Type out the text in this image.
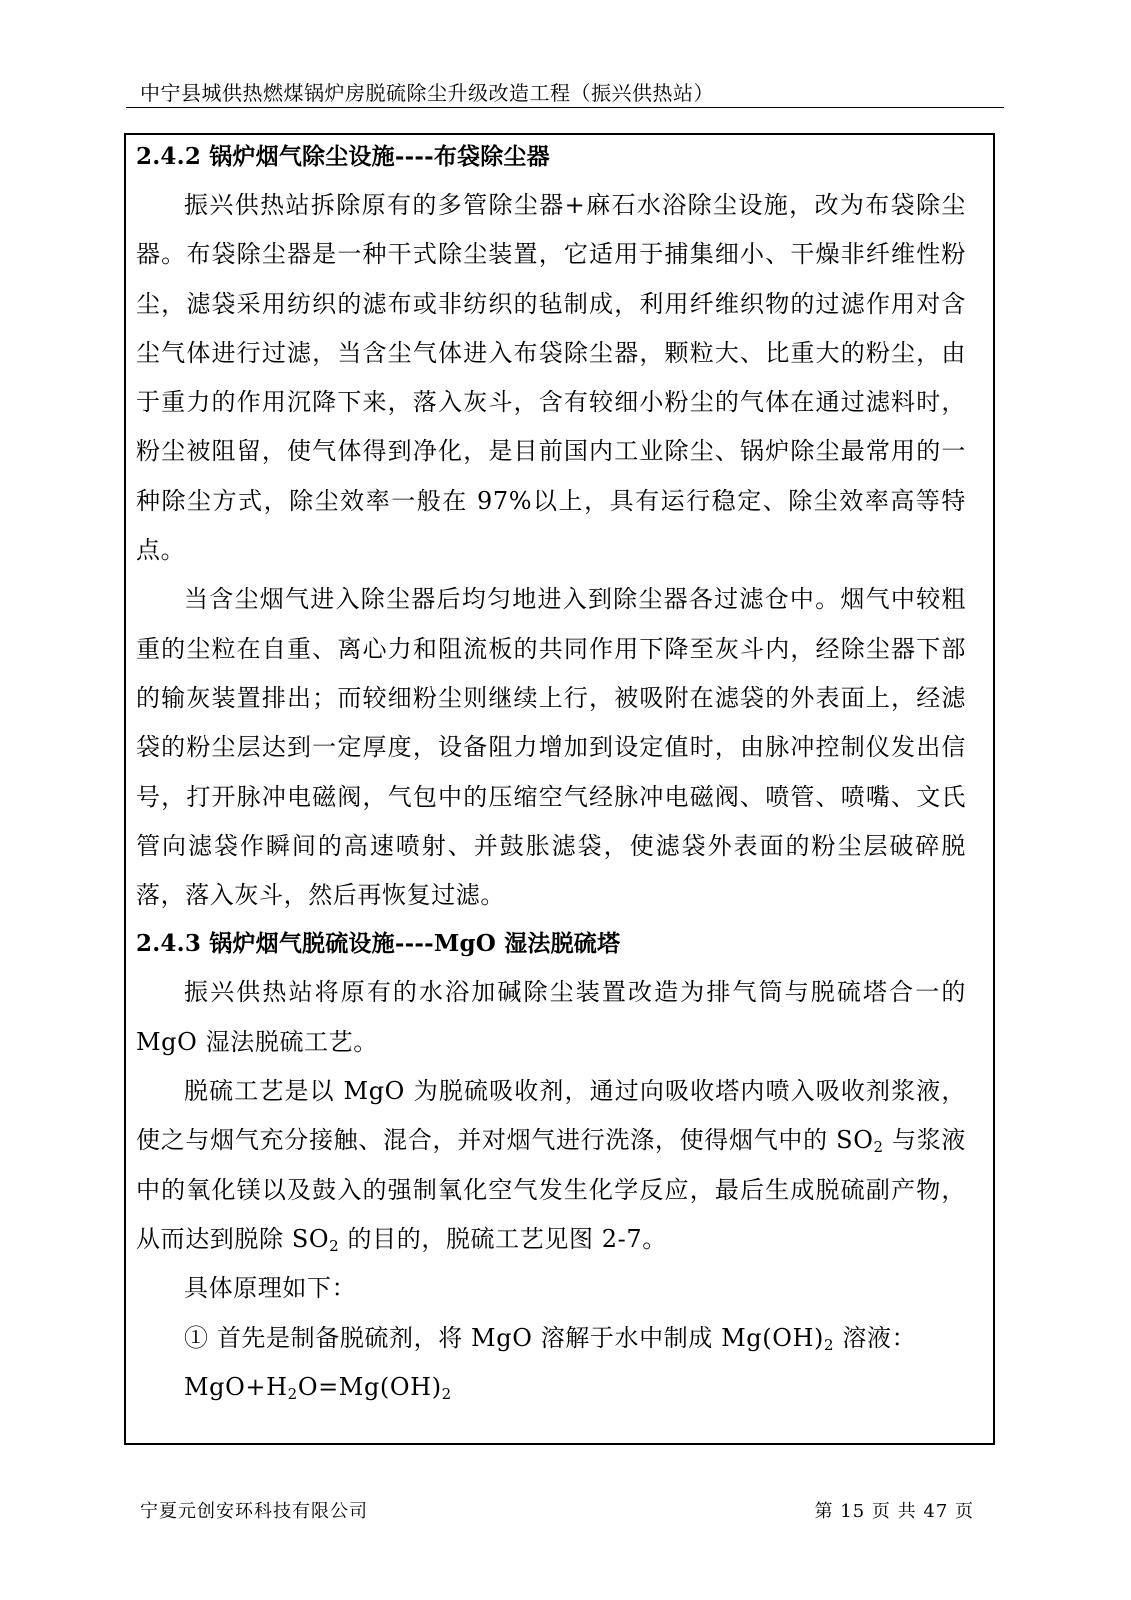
中宁县城供热燃煤锅炉房脱硫除尘升级改造工程（振兴供热站）

2.4.2 锅炉烟气除尘设施----布袋除尘器

振兴供热站拆除原有的多管除尘器+麻石水浴除尘设施，改为布袋除尘器。布袋除尘器是一种干式除尘装置，它适用于捕集细小、干燥非纤维性粉尘，滤袋采用纺织的滤布或非纺织的毡制成，利用纤维织物的过滤作用对含尘气体进行过滤，当含尘气体进入布袋除尘器，颗粒大、比重大的粉尘，由于重力的作用沉降下来，落入灰斗，含有较细小粉尘的气体在通过滤料时，粉尘被阻留，使气体得到净化，是目前国内工业除尘、锅炉除尘最常用的一种除尘方式，除尘效率一般在 97%以上，具有运行稳定、除尘效率高等特点。

当含尘烟气进入除尘器后均匀地进入到除尘器各过滤仓中。烟气中较粗重的尘粒在自重、离心力和阻流板的共同作用下降至灰斗内，经除尘器下部的输灰装置排出；而较细粉尘则继续上行，被吸附在滤袋的外表面上，经滤袋的粉尘层达到一定厚度，设备阻力增加到设定值时，由脉冲控制仪发出信号，打开脉冲电磁阀，气包中的压缩空气经脉冲电磁阀、喷管、喷嘴、文氏管向滤袋作瞬间的高速喷射、并鼓胀滤袋，使滤袋外表面的粉尘层破碎脱落，落入灰斗，然后再恢复过滤。

2.4.3 锅炉烟气脱硫设施----MgO 湿法脱硫塔

振兴供热站将原有的水浴加碱除尘装置改造为排气筒与脱硫塔合一的 MgO 湿法脱硫工艺。

脱硫工艺是以 MgO 为脱硫吸收剂，通过向吸收塔内喷入吸收剂浆液，使之与烟气充分接触、混合，并对烟气进行洗涤，使得烟气中的 $SO_2$ 与浆液中的氧化镁以及鼓入的强制氧化空气发生化学反应，最后生成脱硫副产物，从而达到脱除 $SO_2$ 的目的，脱硫工艺见图 2-7。

具体原理如下：

① 首先是制备脱硫剂，将 MgO 溶解于水中制成 $Mg(OH)_2$ 溶液：

$MgO+H_2O=Mg(OH)_2$

宁夏元创安环科技有限公司	第 15 页 共 47 页
